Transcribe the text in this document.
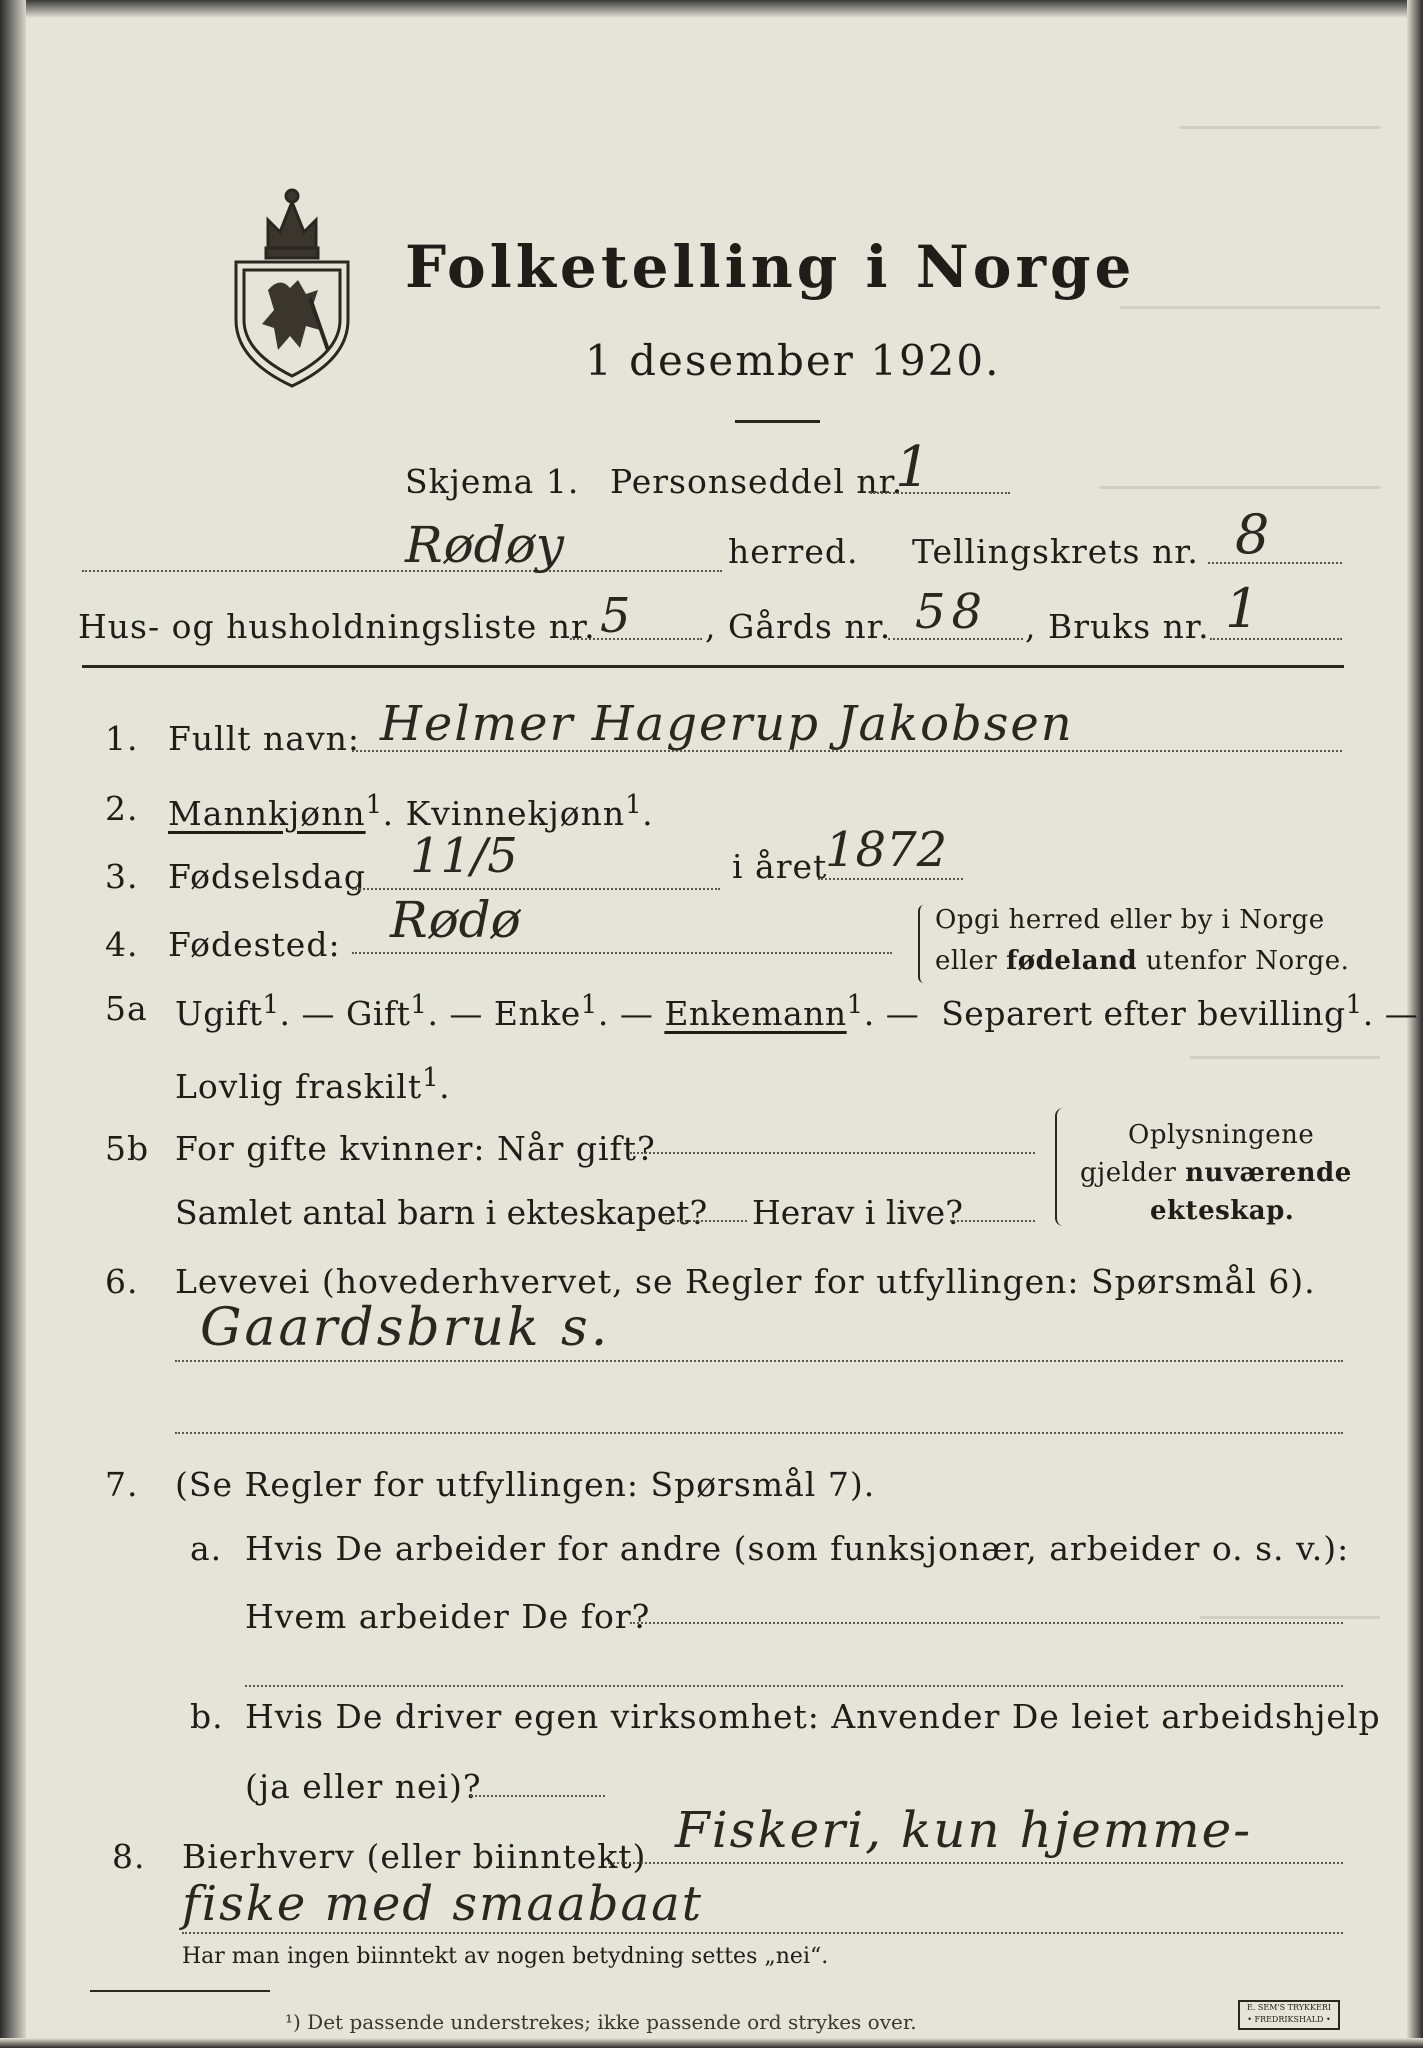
Folketelling i Norge
1 desember 1920.
Skjema 1. Personseddel nr.
1
Rødøy	herred. Tellingskrets nr. 8
Hus- og husholdningsliste nr. 5 , Gårds nr. 58 , Bruks nr. 1
1. Fullt navn: Helmer Hagerup Jakobsen
2. Mannkjønn$^1$. Kvinnekjønn$^1$.
3. Fødselsdag 11/5	i året
1872
4. Fødested: Rødø	Opgi herred eller by i Norge
eller fødeland utenfor Norge.
5a Ugift$^1$. — Gift$^1$. — Enke$^1$. — Enkemann$^1$. — Separert efter bevilling$^1$. —
Lovlig fraskilt$^1$.
5b For gifte kvinner: Når gift?
Samlet antal barn i ekteskapet? Herav i live?
Oplysningene
gjelder nuværende
ekteskap.
6. Levevei (hovederhvervet, se Regler for utfyllingen: Spørsmål 6).
Gaardsbruk s.
7. (Se Regler for utfyllingen: Spørsmål 7).
a. Hvis De arbeider for andre (som funksjonær, arbeider o. s. v.):
Hvem arbeider De for?
b. Hvis De driver egen virksomhet: Anvender De leiet arbeidshjelp
(ja eller nei)?
8. Bierhverv (eller biinntekt) Fiskeri, kun hjemme-
fiske med smaabaat
Har man ingen biinntekt av nogen betydning settes „nei“.
¹) Det passende understrekes; ikke passende ord strykes over.
E. SEM'S TRYKKERI
• FREDRIKSHALD •
